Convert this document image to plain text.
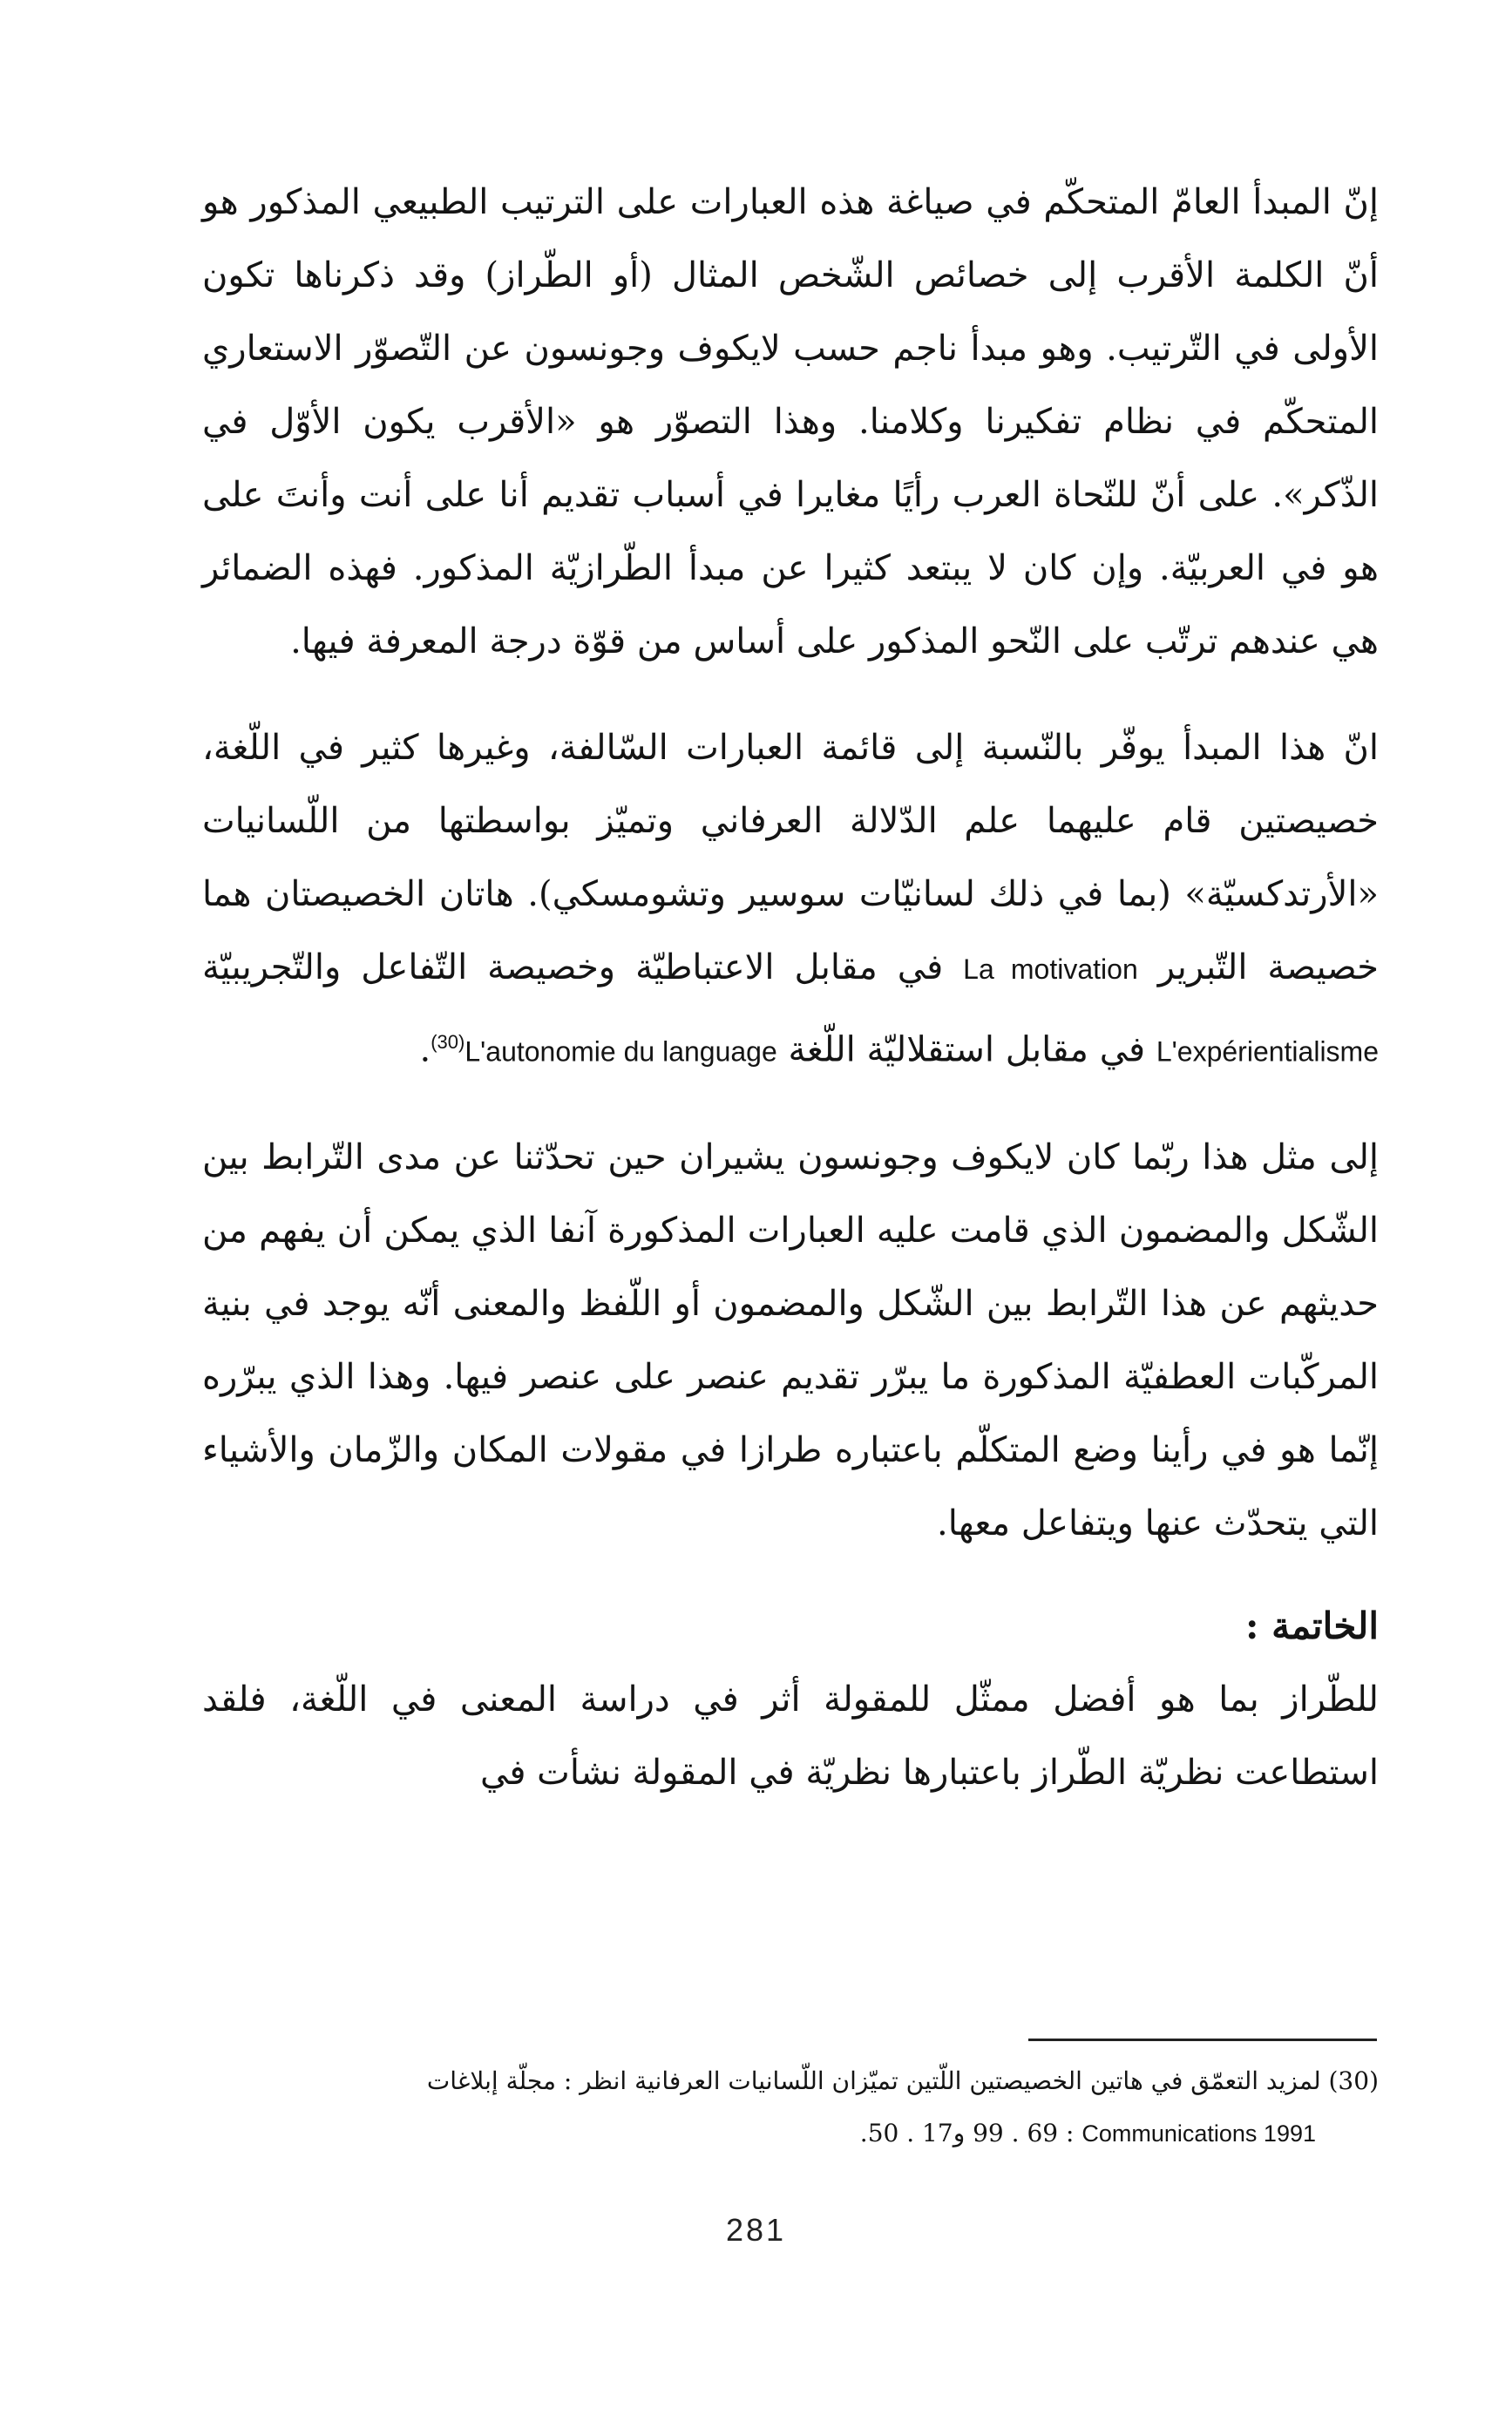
إنّ المبدأ العامّ المتحكّم في صياغة هذه العبارات على الترتيب الطبيعي المذكور هو أنّ الكلمة الأقرب إلى خصائص الشّخص المثال (أو الطّراز) وقد ذكرناها تكون الأولى في التّرتيب. وهو مبدأ ناجم حسب لايكوف وجونسون عن التّصوّر الاستعاري المتحكّم في نظام تفكيرنا وكلامنا. وهذا التصوّر هو «الأقرب يكون الأوّل في الذّكر». على أنّ للنّحاة العرب رأيًا مغايرا في أسباب تقديم أنا على أنت وأنتَ على هو في العربيّة. وإن كان لا يبتعد كثيرا عن مبدأ الطّرازيّة المذكور. فهذه الضمائر هي عندهم ترتّب على النّحو المذكور على أساس من قوّة درجة المعرفة فيها.

انّ هذا المبدأ يوفّر بالنّسبة إلى قائمة العبارات السّالفة، وغيرها كثير في اللّغة، خصيصتين قام عليهما علم الدّلالة العرفاني وتميّز بواسطتها من اللّسانيات «الأرتدكسيّة» (بما في ذلك لسانيّات سوسير وتشومسكي). هاتان الخصيصتان هما خصيصة التّبرير La motivation في مقابل الاعتباطيّة وخصيصة التّفاعل والتّجريبيّة L'expérientialisme في مقابل استقلاليّة اللّغة L'autonomie du language$^{(30)}$.

إلى مثل هذا ربّما كان لايكوف وجونسون يشيران حين تحدّثنا عن مدى التّرابط بين الشّكل والمضمون الذي قامت عليه العبارات المذكورة آنفا الذي يمكن أن يفهم من حديثهم عن هذا التّرابط بين الشّكل والمضمون أو اللّفظ والمعنى أنّه يوجد في بنية المركّبات العطفيّة المذكورة ما يبرّر تقديم عنصر على عنصر فيها. وهذا الذي يبرّره إنّما هو في رأينا وضع المتكلّم باعتباره طرازا في مقولات المكان والزّمان والأشياء التي يتحدّث عنها ويتفاعل معها.

الخاتمة :

للطّراز بما هو أفضل ممثّل للمقولة أثر في دراسة المعنى في اللّغة، فلقد استطاعت نظريّة الطّراز باعتبارها نظريّة في المقولة نشأت في

(30) لمزيد التعمّق في هاتين الخصيصتين اللّتين تميّزان اللّسانيات العرفانية انظر : مجلّة إبلاغات
Communications 1991 : 69 . 99 و17 . 50.
281
